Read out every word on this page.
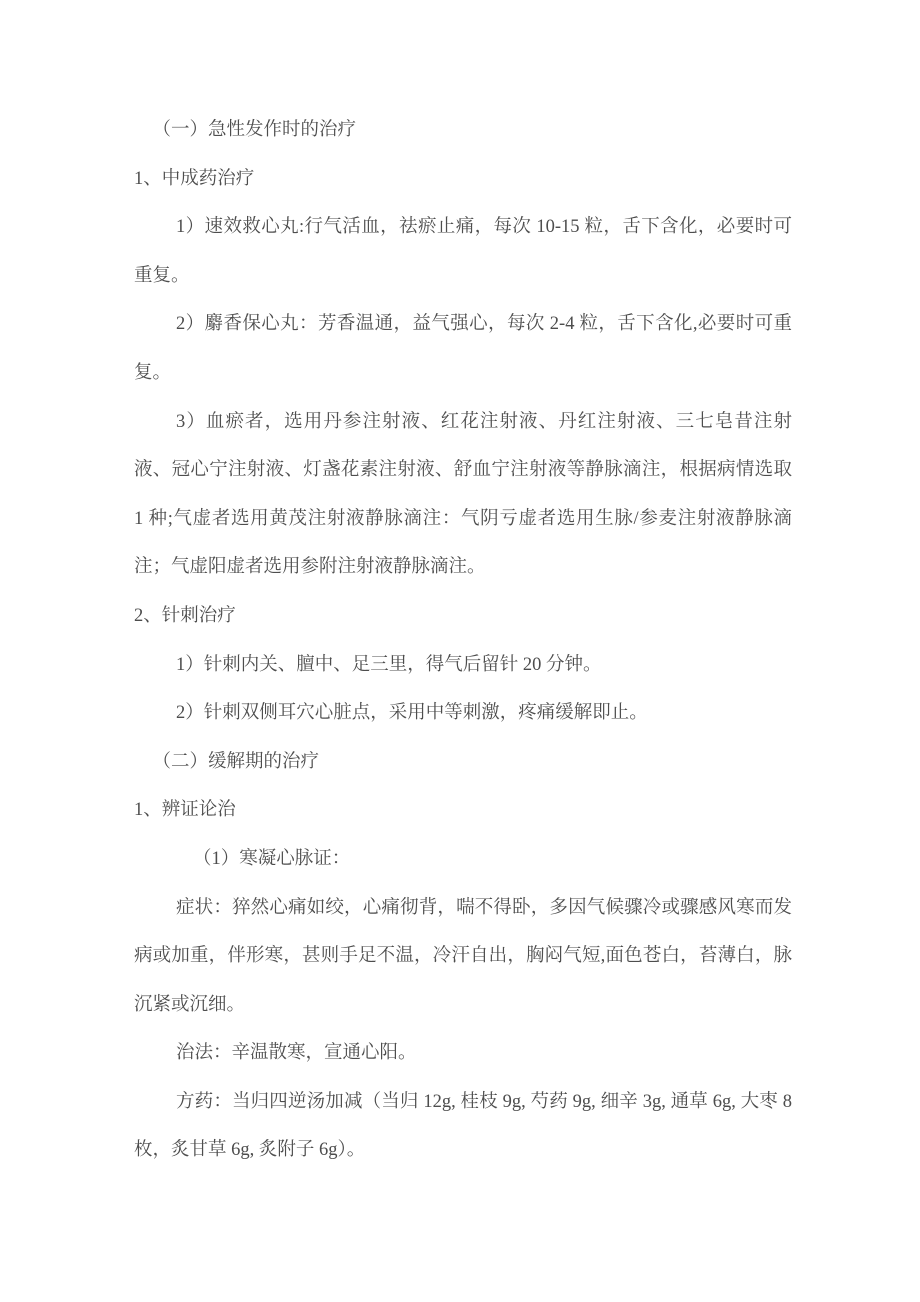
（一）急性发作时的治疗

1、中成药治疗

1）速效救心丸:行气活血，祛瘀止痛，每次 10-15 粒，舌下含化，必要时可重复。

2）麝香保心丸：芳香温通，益气强心，每次 2-4 粒，舌下含化,必要时可重复。

3）血瘀者，选用丹参注射液、红花注射液、丹红注射液、三七皂昔注射液、冠心宁注射液、灯盏花素注射液、舒血宁注射液等静脉滴注，根据病情选取 1 种;气虚者选用黄茂注射液静脉滴注：气阴亏虚者选用生脉/参麦注射液静脉滴注；气虚阳虚者选用参附注射液静脉滴注。

2、针刺治疗

1）针刺内关、膻中、足三里，得气后留针 20 分钟。

2）针刺双侧耳穴心脏点，采用中等刺激，疼痛缓解即止。

（二）缓解期的治疗

1、辨证论治

（1）寒凝心脉证：

症状：猝然心痛如绞，心痛彻背，喘不得卧，多因气候骤冷或骤感风寒而发病或加重，伴形寒，甚则手足不温，冷汗自出，胸闷气短,面色苍白，苔薄白，脉沉紧或沉细。

治法：辛温散寒，宣通心阳。

方药：当归四逆汤加减（当归 12g, 桂枝 9g, 芍药 9g, 细辛 3g, 通草 6g, 大枣 8 枚，炙甘草 6g, 炙附子 6g）。
